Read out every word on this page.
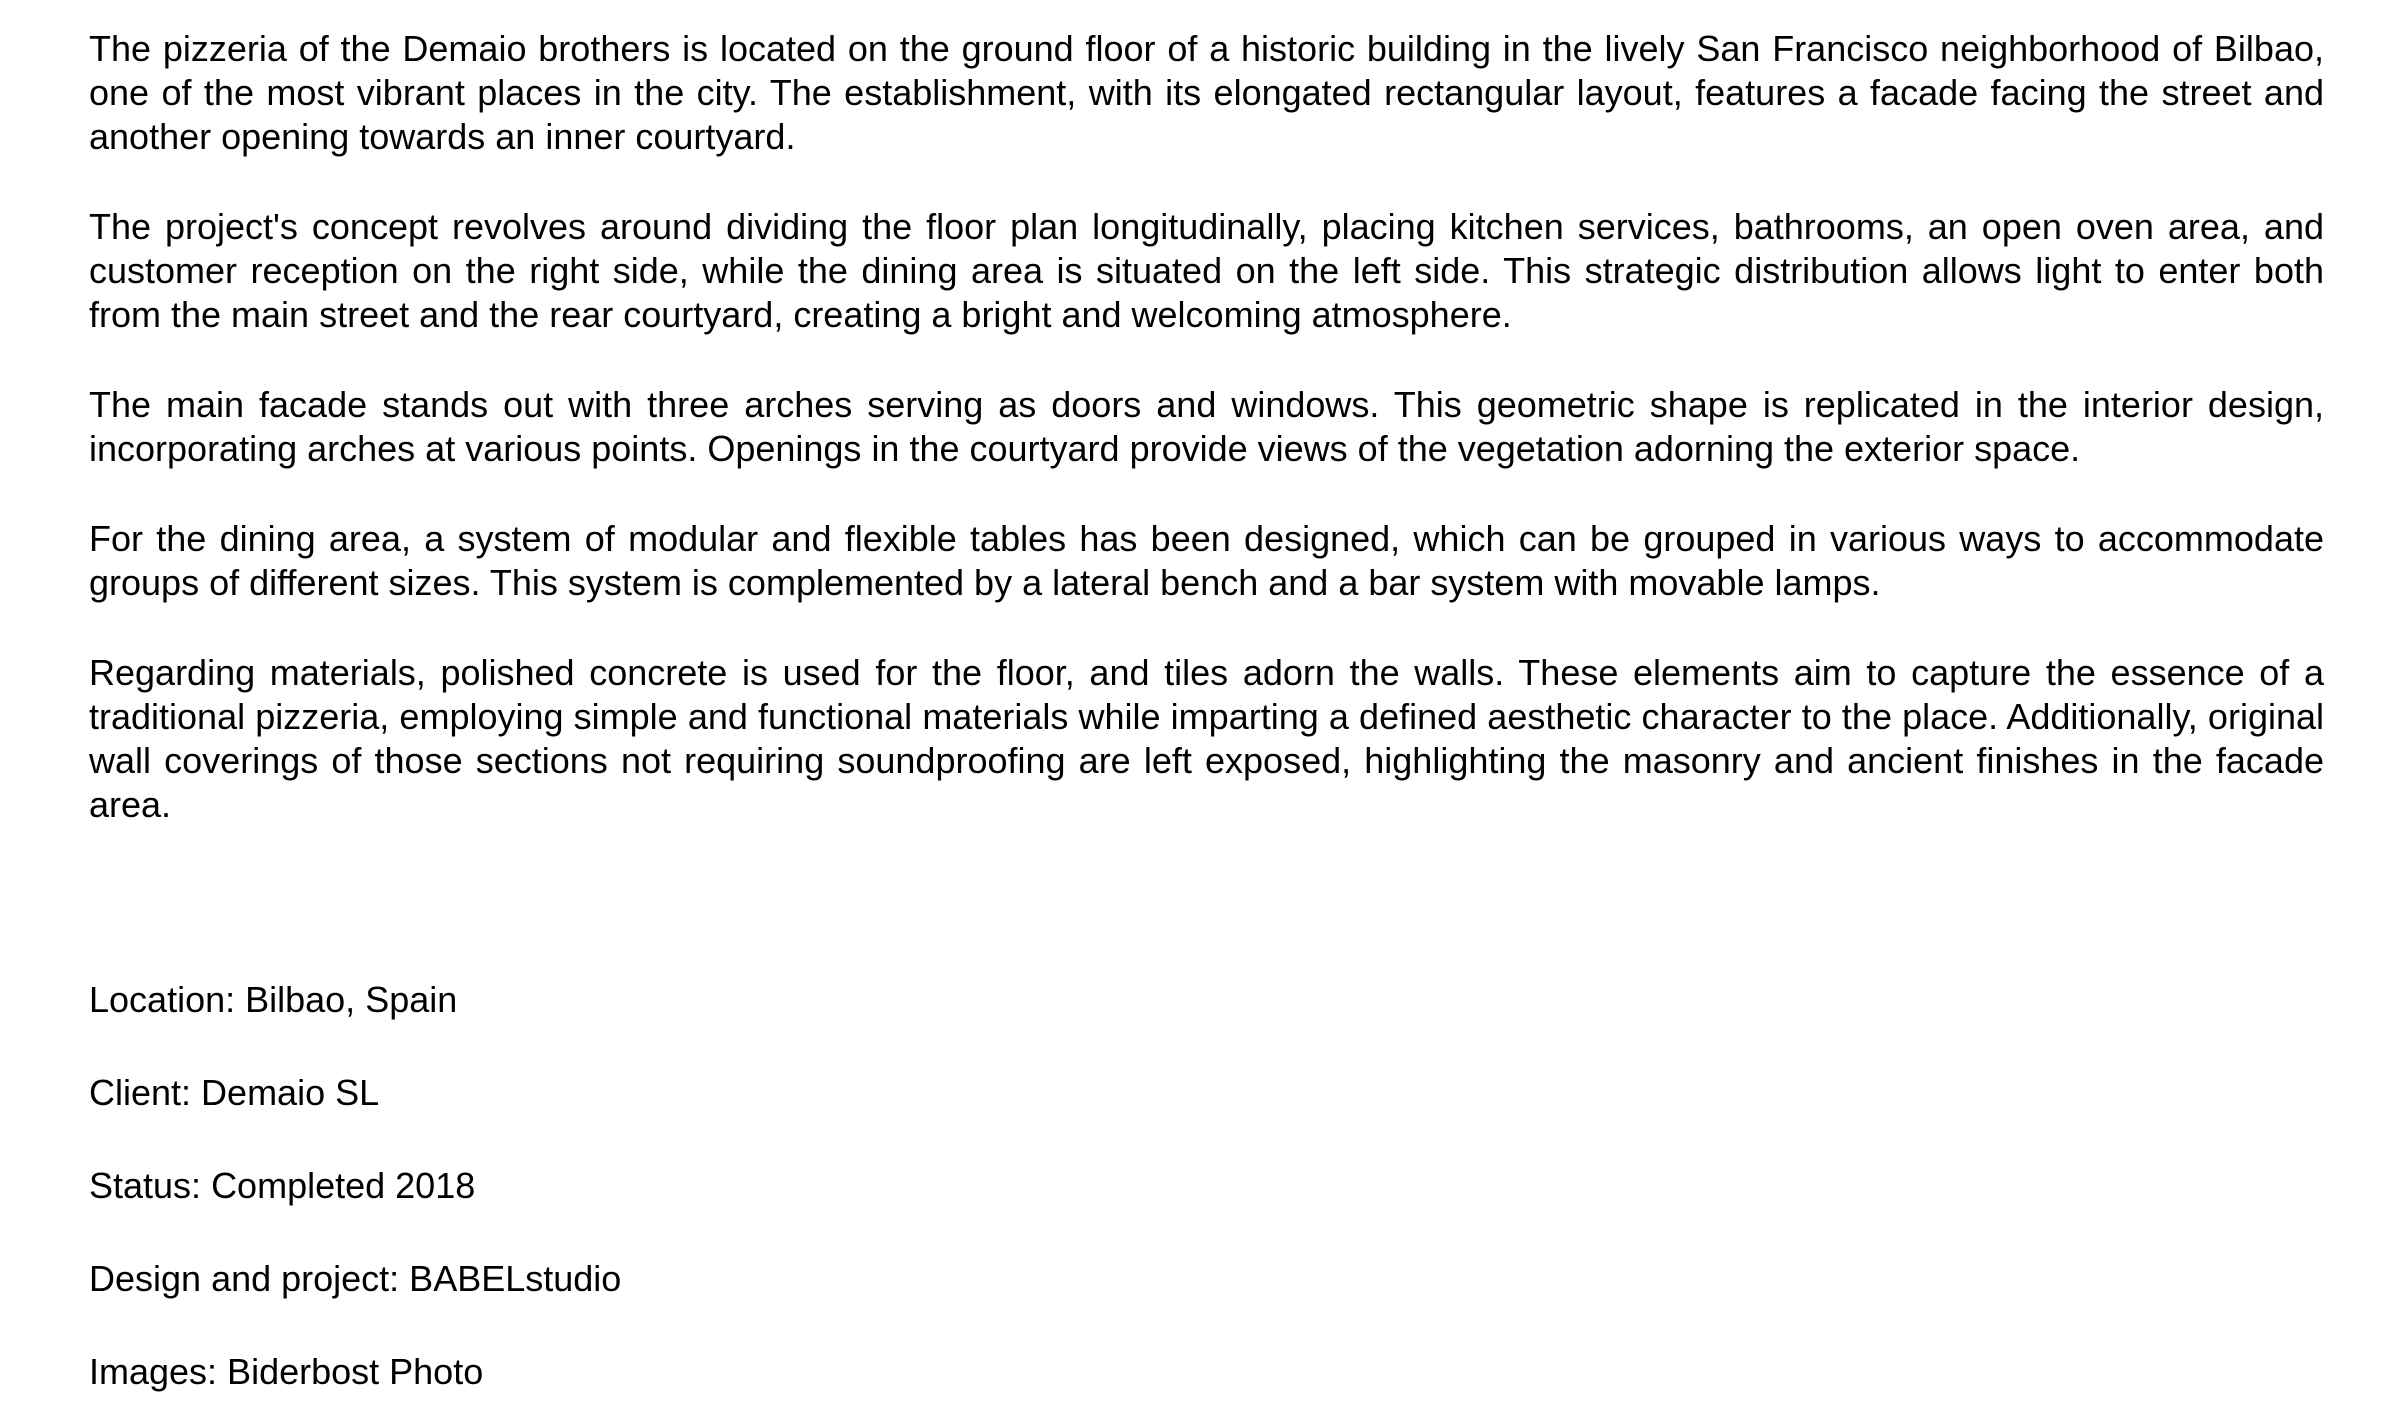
The pizzeria of the Demaio brothers is located on the ground floor of a historic building in the lively San Francisco neighborhood of Bilbao, one of the most vibrant places in the city. The establishment, with its elongated rectangular layout, features a facade facing the street and another opening towards an inner courtyard.

The project's concept revolves around dividing the floor plan longitudinally, placing kitchen services, bathrooms, an open oven area, and customer reception on the right side, while the dining area is situated on the left side. This strategic distribution allows light to enter both from the main street and the rear courtyard, creating a bright and welcoming atmosphere.

The main facade stands out with three arches serving as doors and windows. This geometric shape is replicated in the interior design, incorporating arches at various points. Openings in the courtyard provide views of the vegetation adorning the exterior space.

For the dining area, a system of modular and flexible tables has been designed, which can be grouped in various ways to accommodate groups of different sizes. This system is complemented by a lateral bench and a bar system with movable lamps.

Regarding materials, polished concrete is used for the floor, and tiles adorn the walls. These elements aim to capture the essence of a traditional pizzeria, employing simple and functional materials while imparting a defined aesthetic character to the place. Additionally, original wall coverings of those sections not requiring soundproofing are left exposed, highlighting the masonry and ancient finishes in the facade area.

Location: Bilbao, Spain

Client: Demaio SL

Status: Completed 2018

Design and project: BABELstudio

Images: Biderbost Photo
